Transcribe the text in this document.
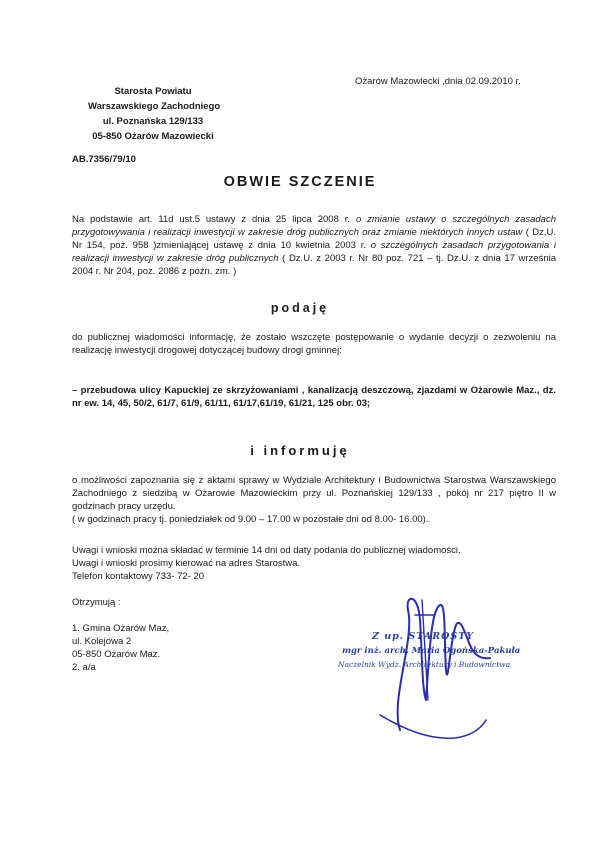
Ożarów Mazowiecki ,dnia 02.09.2010 r.
Starosta Powiatu
Warszawskiego Zachodniego
ul. Poznańska 129/133
05-850 Ożarów Mazowiecki
AB.7356/79/10
OBWIE SZCZENIE
Na podstawie art. 11d ust.5 ustawy z dnia 25 lipca 2008 r. o zmianie ustawy o szczególnych zasadach przygotowywania i realizacji inwestycji w zakresie dróg publicznych oraz zmianie niektórych innych ustaw ( Dz.U. Nr 154, poz. 958 )zmieniającej ustawę z dnia 10 kwietnia 2003 r. o szczególnych zasadach przygotowania i realizacji inwestycji w zakresie dróg publicznych ( Dz.U. z 2003 r. Nr 80 poz. 721 – tj. Dz.U. z dnia 17 września 2004 r. Nr 204, poz. 2086 z późn. zm. )
podaję
do publicznej wiadomości informację, że zostało wszczęte postępowanie o wydanie decyzji o zezwoleniu na realizację inwestycji drogowej dotyczącej budowy drogi gminnej:
– przebudowa ulicy Kapuckiej ze skrzyżowaniami , kanalizacją deszczową, zjazdami w Ożarowie Maz., dz. nr ew. 14, 45, 50/2, 61/7, 61/9, 61/11, 61/17,61/19, 61/21, 125 obr. 03;
i informuję
o możliwości zapoznania się z aktami sprawy w Wydziale Architektury i Budownictwa Starostwa Warszawskiego Zachodniego z siedzibą w Ożarowie Mazowieckim przy ul. Poznańskiej 129/133 , pokój nr 217 piętro II w godzinach pracy urzędu.
( w godzinach pracy tj. poniedziałek od 9.00 – 17.00 w pozostałe dni od 8.00- 16.00).
Uwagi i wnioski można składać w terminie 14 dni od daty podania do publicznej wiadomości.
Uwagi i wnioski prosimy kierować na adres Starostwa.
Telefon kontaktowy 733- 72- 20
Otrzymują :
1. Gmina Ożarów Maz,
ul. Kolejowa 2
05-850 Ożarów Maz.
2. a/a
Z up. STAROSTY
mgr inż. arch. Maria Ogońska-Pakuła
Naczelnik Wydz. Architektury i Budownictwa
